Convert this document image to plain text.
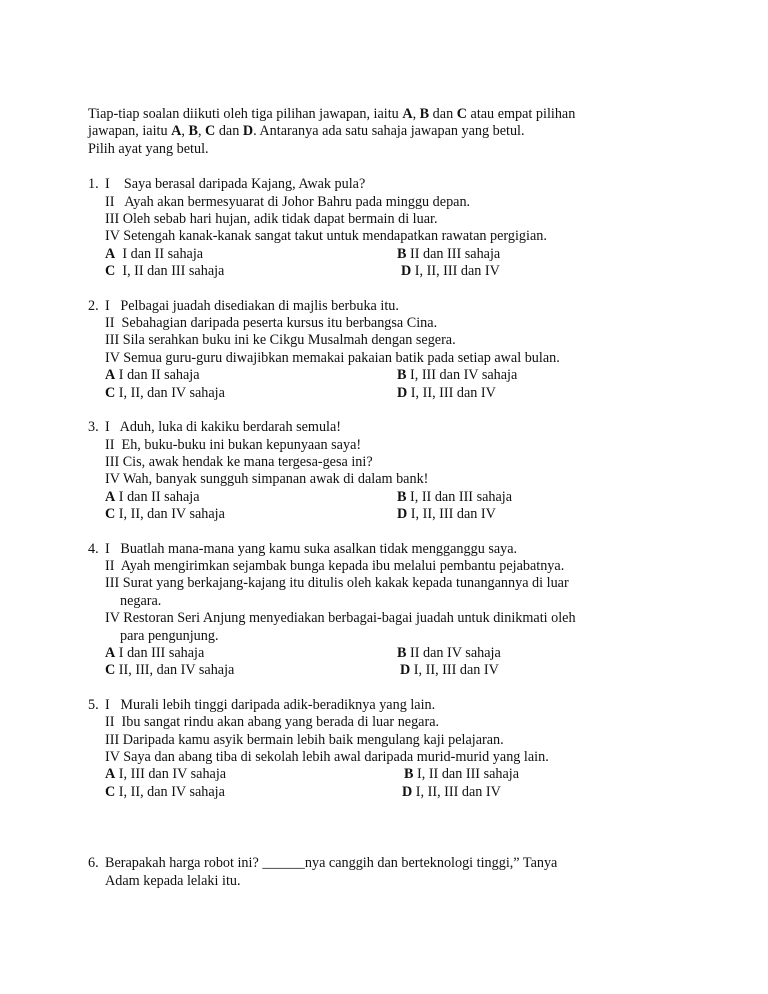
Tiap-tiap soalan diikuti oleh tiga pilihan jawapan, iaitu A, B dan C atau empat pilihan
jawapan, iaitu A, B, C dan D. Antaranya ada satu sahaja jawapan yang betul.
Pilih ayat yang betul.
1. I    Saya berasal daripada Kajang, Awak pula?
II   Ayah akan bermesyuarat di Johor Bahru pada minggu depan.
III Oleh sebab hari hujan, adik tidak dapat bermain di luar.
IV Setengah kanak-kanak sangat takut untuk mendapatkan rawatan pergigian.
A  I dan II sahaja	B II dan III sahaja
C  I, II dan III sahaja	D I, II, III dan IV
2. I   Pelbagai juadah disediakan di majlis berbuka itu.
II  Sebahagian daripada peserta kursus itu berbangsa Cina.
III Sila serahkan buku ini ke Cikgu Musalmah dengan segera.
IV Semua guru-guru diwajibkan memakai pakaian batik pada setiap awal bulan.
A I dan II sahaja	B I, III dan IV sahaja
C I, II, dan IV sahaja	D I, II, III dan IV
3. I   Aduh, luka di kakiku berdarah semula!
II  Eh, buku-buku ini bukan kepunyaan saya!
III Cis, awak hendak ke mana tergesa-gesa ini?
IV Wah, banyak sungguh simpanan awak di dalam bank!
A I dan II sahaja	B I, II dan III sahaja
C I, II, dan IV sahaja	D I, II, III dan IV
4. I   Buatlah mana-mana yang kamu suka asalkan tidak mengganggu saya.
II  Ayah mengirimkan sejambak bunga kepada ibu melalui pembantu pejabatnya.
III Surat yang berkajang-kajang itu ditulis oleh kakak kepada tunangannya di luar
negara.
IV Restoran Seri Anjung menyediakan berbagai-bagai juadah untuk dinikmati oleh
para pengunjung.
A I dan III sahaja	B II dan IV sahaja
C II, III, dan IV sahaja	D I, II, III dan IV
5. I   Murali lebih tinggi daripada adik-beradiknya yang lain.
II  Ibu sangat rindu akan abang yang berada di luar negara.
III Daripada kamu asyik bermain lebih baik mengulang kaji pelajaran.
IV Saya dan abang tiba di sekolah lebih awal daripada murid-murid yang lain.
A I, III dan IV sahaja	B I, II dan III sahaja
C I, II, dan IV sahaja	D I, II, III dan IV
6. Berapakah harga robot ini? ______nya canggih dan berteknologi tinggi,” Tanya
Adam kepada lelaki itu.
